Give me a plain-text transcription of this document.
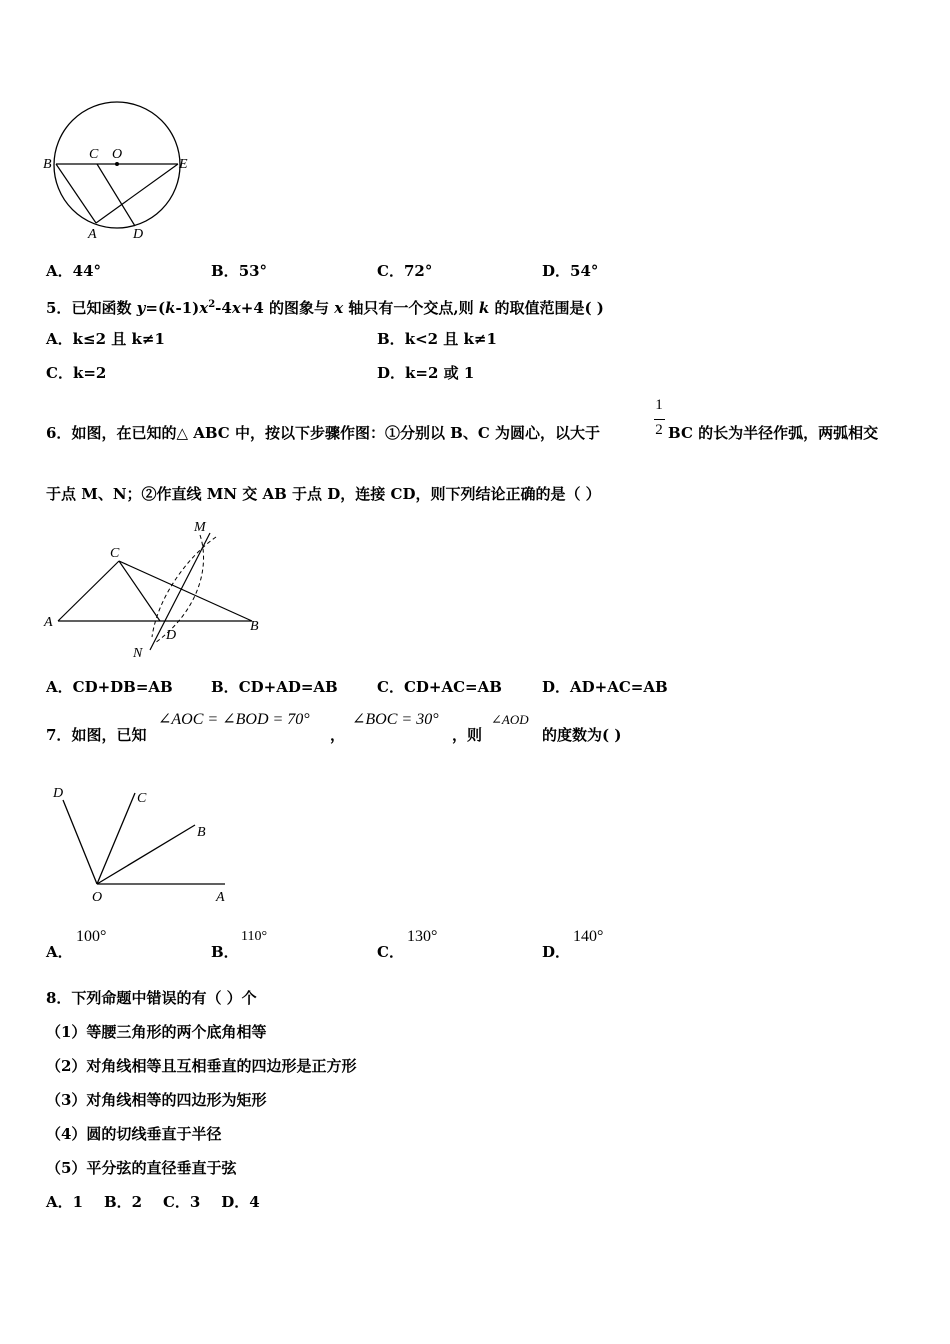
B
C O
E
A	D
A．44°	B．53°	C．72°	D．54°
5．已知函数 $y=(k-1)x^2-4x+4$ 的图象与 x 轴只有一个交点,则 k 的取值范围是( )
A．k≤2 且 k≠1	B．k<2 且 k≠1
C．k=2	D．k=2 或 1
6．如图，在已知的△ ABC 中，按以下步骤作图：①分别以 B、C 为圆心，以大于
1
2 BC 的长为半径作弧，两弧相交
于点 M、N；②作直线 MN 交 AB 于点 D，连接 CD，则下列结论正确的是（ ）
A	B
C
D
M
N
A．CD+DB=AB	B．CD+AD=AB	C．CD+AC=AB	D．AD+AC=AB
7．如图，已知
∠AOC = ∠BOD = 70°
，
∠BOC = 30°
，则
∠AOD
的度数为( )
D	C
B
O	A
A．
100°
B．
110°
C．
130°
D．
140°
8．下列命题中错误的有（ ）个
（1）等腰三角形的两个底角相等
（2）对角线相等且互相垂直的四边形是正方形
（3）对角线相等的四边形为矩形
（4）圆的切线垂直于半径
（5）平分弦的直径垂直于弦
A．1    B．2    C．3    D．4
